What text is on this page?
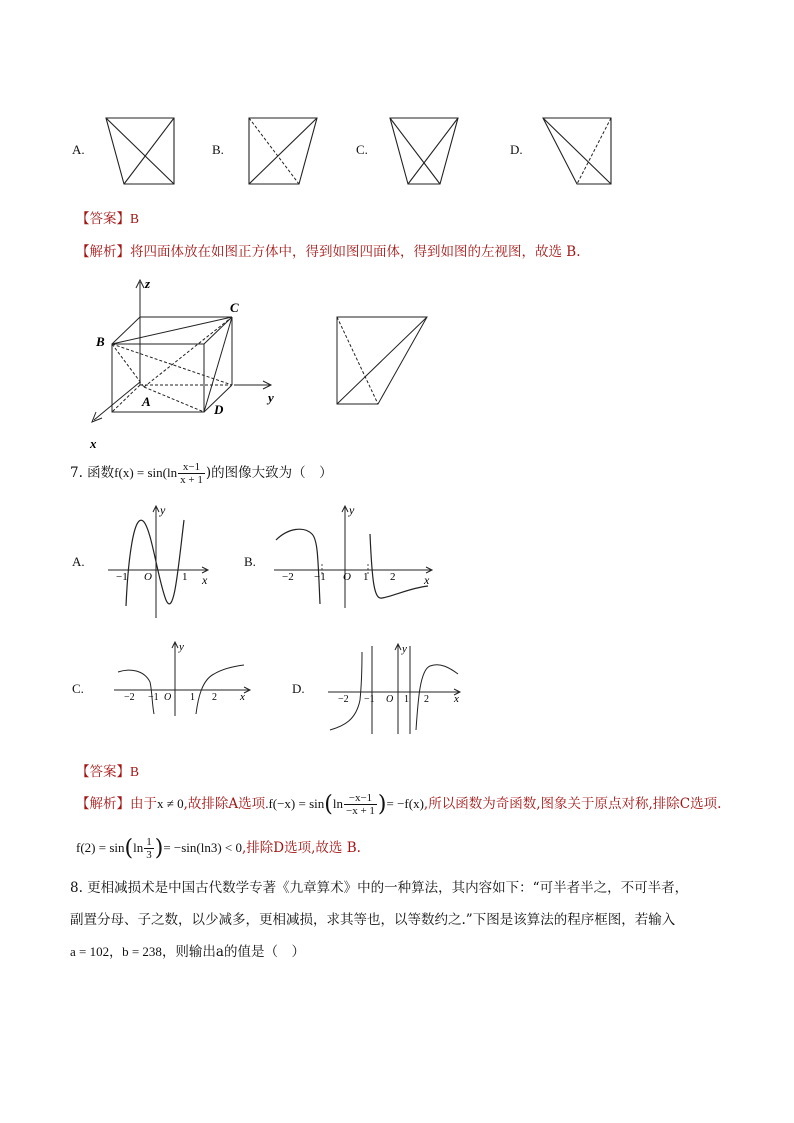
A.	B.	C.	D.
【答案】B
【解析】将四面体放在如图正方体中，得到如图四面体，得到如图的左视图，故选 B.
z
y
x
B
C
A
D
7. 函数$f(x) = \sin(\ln \frac{x-1}{x + 1}$ )的图像大致为（　）
A.
y
x
O
−1	1
B.
y
x
O
−2 −1	1 2
C.
y
x
O
−2 −1	1 2
D.
y
x
O
−2 −1	1 2
【答案】B
【解析】由于x ≠ 0,故排除A选项$.f(-x) = \sin(\ln \frac{-x-1}{-x + 1}$ )= −f(x),所以函数为奇函数,图象关于原点对称,排除C选项.
$f(2) = \sin(\ln \frac{1}{3}$ )= −sin(ln3) < 0,排除D选项,故选 B.
8. 更相减损术是中国古代数学专著《九章算术》中的一种算法，其内容如下：“可半者半之，不可半者，
副置分母、子之数，以少减多，更相减损，求其等也，以等数约之.”下图是该算法的程序框图，若输入
a = 102，b = 238，则输出a的值是（　）
